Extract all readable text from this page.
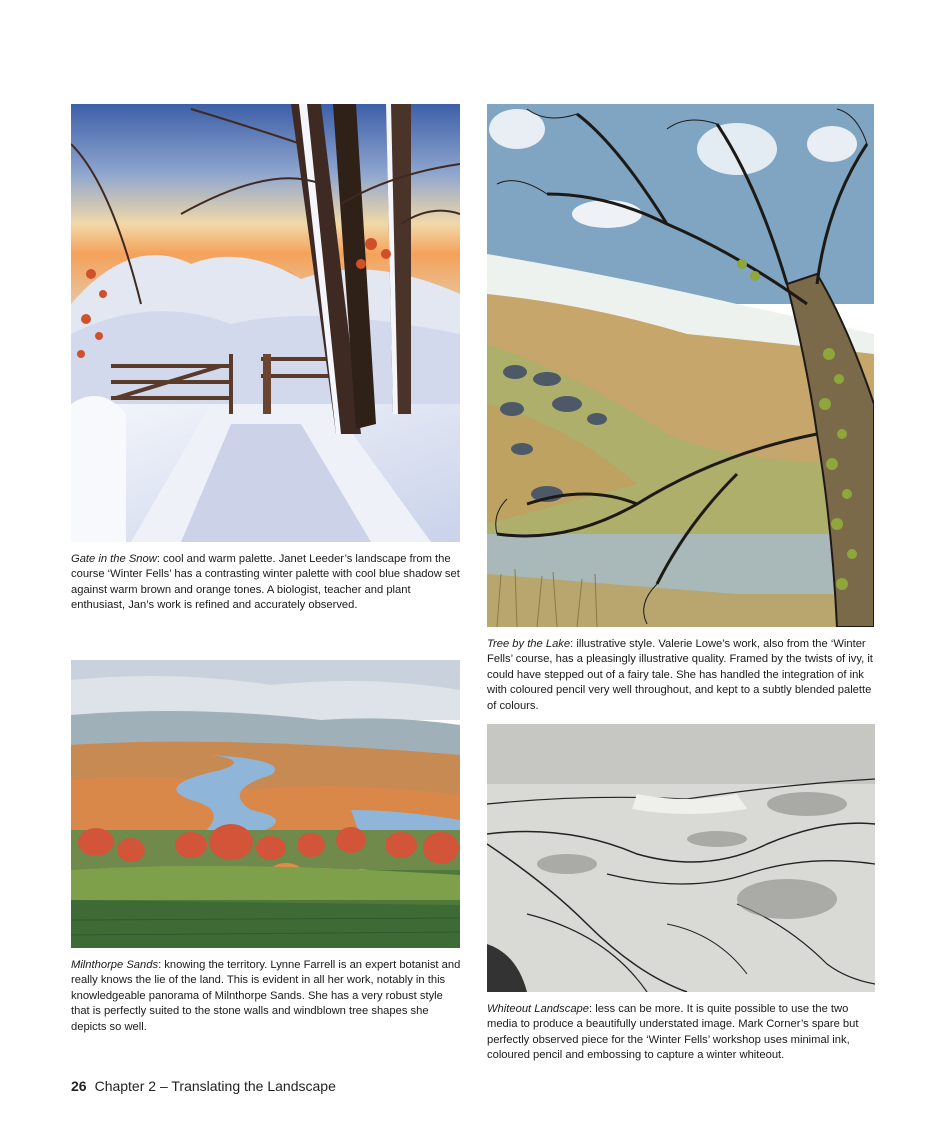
Gate in the Snow: cool and warm palette. Janet Leeder’s landscape from the course ‘Winter Fells’ has a contrasting winter palette with cool blue shadow set against warm brown and orange tones. A biologist, teacher and plant enthusiast, Jan’s work is refined and accurately observed.

Tree by the Lake: illustrative style. Valerie Lowe’s work, also from the ‘Winter Fells’ course, has a pleasingly illustrative quality. Framed by the twists of ivy, it could have stepped out of a fairy tale. She has handled the integration of ink with coloured pencil very well throughout, and kept to a subtly blended palette of colours.

Milnthorpe Sands: knowing the territory. Lynne Farrell is an expert botanist and really knows the lie of the land. This is evident in all her work, notably in this knowledgeable panorama of Milnthorpe Sands. She has a very robust style that is perfectly suited to the stone walls and windblown tree shapes she depicts so well.

Whiteout Landscape: less can be more. It is quite possible to use the two media to produce a beautifully understated image. Mark Corner’s spare but perfectly observed piece for the ‘Winter Fells’ workshop uses minimal ink, coloured pencil and embossing to capture a winter whiteout.

26 Chapter 2 – Translating the Landscape
